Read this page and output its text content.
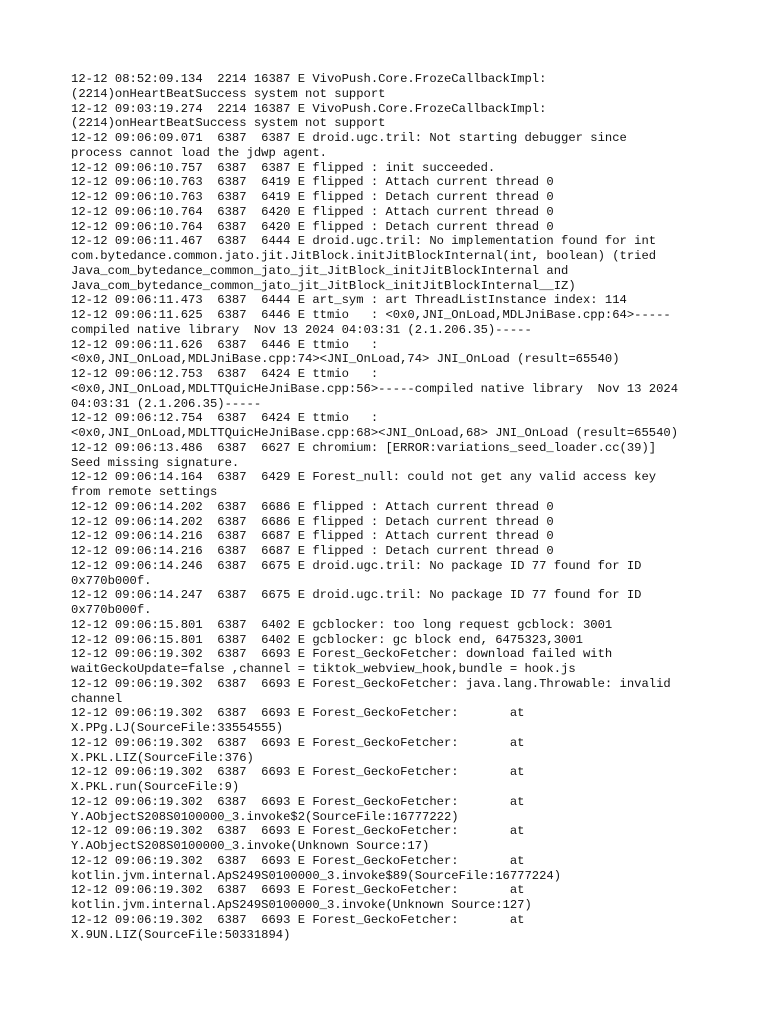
12-12 08:52:09.134  2214 16387 E VivoPush.Core.FrozeCallbackImpl:
(2214)onHeartBeatSuccess system not support
12-12 09:03:19.274  2214 16387 E VivoPush.Core.FrozeCallbackImpl:
(2214)onHeartBeatSuccess system not support
12-12 09:06:09.071  6387  6387 E droid.ugc.tril: Not starting debugger since
process cannot load the jdwp agent.
12-12 09:06:10.757  6387  6387 E flipped : init succeeded.
12-12 09:06:10.763  6387  6419 E flipped : Attach current thread 0
12-12 09:06:10.763  6387  6419 E flipped : Detach current thread 0
12-12 09:06:10.764  6387  6420 E flipped : Attach current thread 0
12-12 09:06:10.764  6387  6420 E flipped : Detach current thread 0
12-12 09:06:11.467  6387  6444 E droid.ugc.tril: No implementation found for int
com.bytedance.common.jato.jit.JitBlock.initJitBlockInternal(int, boolean) (tried
Java_com_bytedance_common_jato_jit_JitBlock_initJitBlockInternal and
Java_com_bytedance_common_jato_jit_JitBlock_initJitBlockInternal__IZ)
12-12 09:06:11.473  6387  6444 E art_sym : art ThreadListInstance index: 114
12-12 09:06:11.625  6387  6446 E ttmio   : <0x0,JNI_OnLoad,MDLJniBase.cpp:64>-----
compiled native library  Nov 13 2024 04:03:31 (2.1.206.35)-----
12-12 09:06:11.626  6387  6446 E ttmio   :
<0x0,JNI_OnLoad,MDLJniBase.cpp:74><JNI_OnLoad,74> JNI_OnLoad (result=65540)
12-12 09:06:12.753  6387  6424 E ttmio   :
<0x0,JNI_OnLoad,MDLTTQuicHeJniBase.cpp:56>-----compiled native library  Nov 13 2024
04:03:31 (2.1.206.35)-----
12-12 09:06:12.754  6387  6424 E ttmio   :
<0x0,JNI_OnLoad,MDLTTQuicHeJniBase.cpp:68><JNI_OnLoad,68> JNI_OnLoad (result=65540)
12-12 09:06:13.486  6387  6627 E chromium: [ERROR:variations_seed_loader.cc(39)]
Seed missing signature.
12-12 09:06:14.164  6387  6429 E Forest_null: could not get any valid access key
from remote settings
12-12 09:06:14.202  6387  6686 E flipped : Attach current thread 0
12-12 09:06:14.202  6387  6686 E flipped : Detach current thread 0
12-12 09:06:14.216  6387  6687 E flipped : Attach current thread 0
12-12 09:06:14.216  6387  6687 E flipped : Detach current thread 0
12-12 09:06:14.246  6387  6675 E droid.ugc.tril: No package ID 77 found for ID
0x770b000f.
12-12 09:06:14.247  6387  6675 E droid.ugc.tril: No package ID 77 found for ID
0x770b000f.
12-12 09:06:15.801  6387  6402 E gcblocker: too long request gcblock: 3001
12-12 09:06:15.801  6387  6402 E gcblocker: gc block end, 6475323,3001
12-12 09:06:19.302  6387  6693 E Forest_GeckoFetcher: download failed with
waitGeckoUpdate=false ,channel = tiktok_webview_hook,bundle = hook.js
12-12 09:06:19.302  6387  6693 E Forest_GeckoFetcher: java.lang.Throwable: invalid
channel
12-12 09:06:19.302  6387  6693 E Forest_GeckoFetcher:       at
X.PPg.LJ(SourceFile:33554555)
12-12 09:06:19.302  6387  6693 E Forest_GeckoFetcher:       at
X.PKL.LIZ(SourceFile:376)
12-12 09:06:19.302  6387  6693 E Forest_GeckoFetcher:       at
X.PKL.run(SourceFile:9)
12-12 09:06:19.302  6387  6693 E Forest_GeckoFetcher:       at
Y.AObjectS208S0100000_3.invoke$2(SourceFile:16777222)
12-12 09:06:19.302  6387  6693 E Forest_GeckoFetcher:       at
Y.AObjectS208S0100000_3.invoke(Unknown Source:17)
12-12 09:06:19.302  6387  6693 E Forest_GeckoFetcher:       at
kotlin.jvm.internal.ApS249S0100000_3.invoke$89(SourceFile:16777224)
12-12 09:06:19.302  6387  6693 E Forest_GeckoFetcher:       at
kotlin.jvm.internal.ApS249S0100000_3.invoke(Unknown Source:127)
12-12 09:06:19.302  6387  6693 E Forest_GeckoFetcher:       at
X.9UN.LIZ(SourceFile:50331894)
